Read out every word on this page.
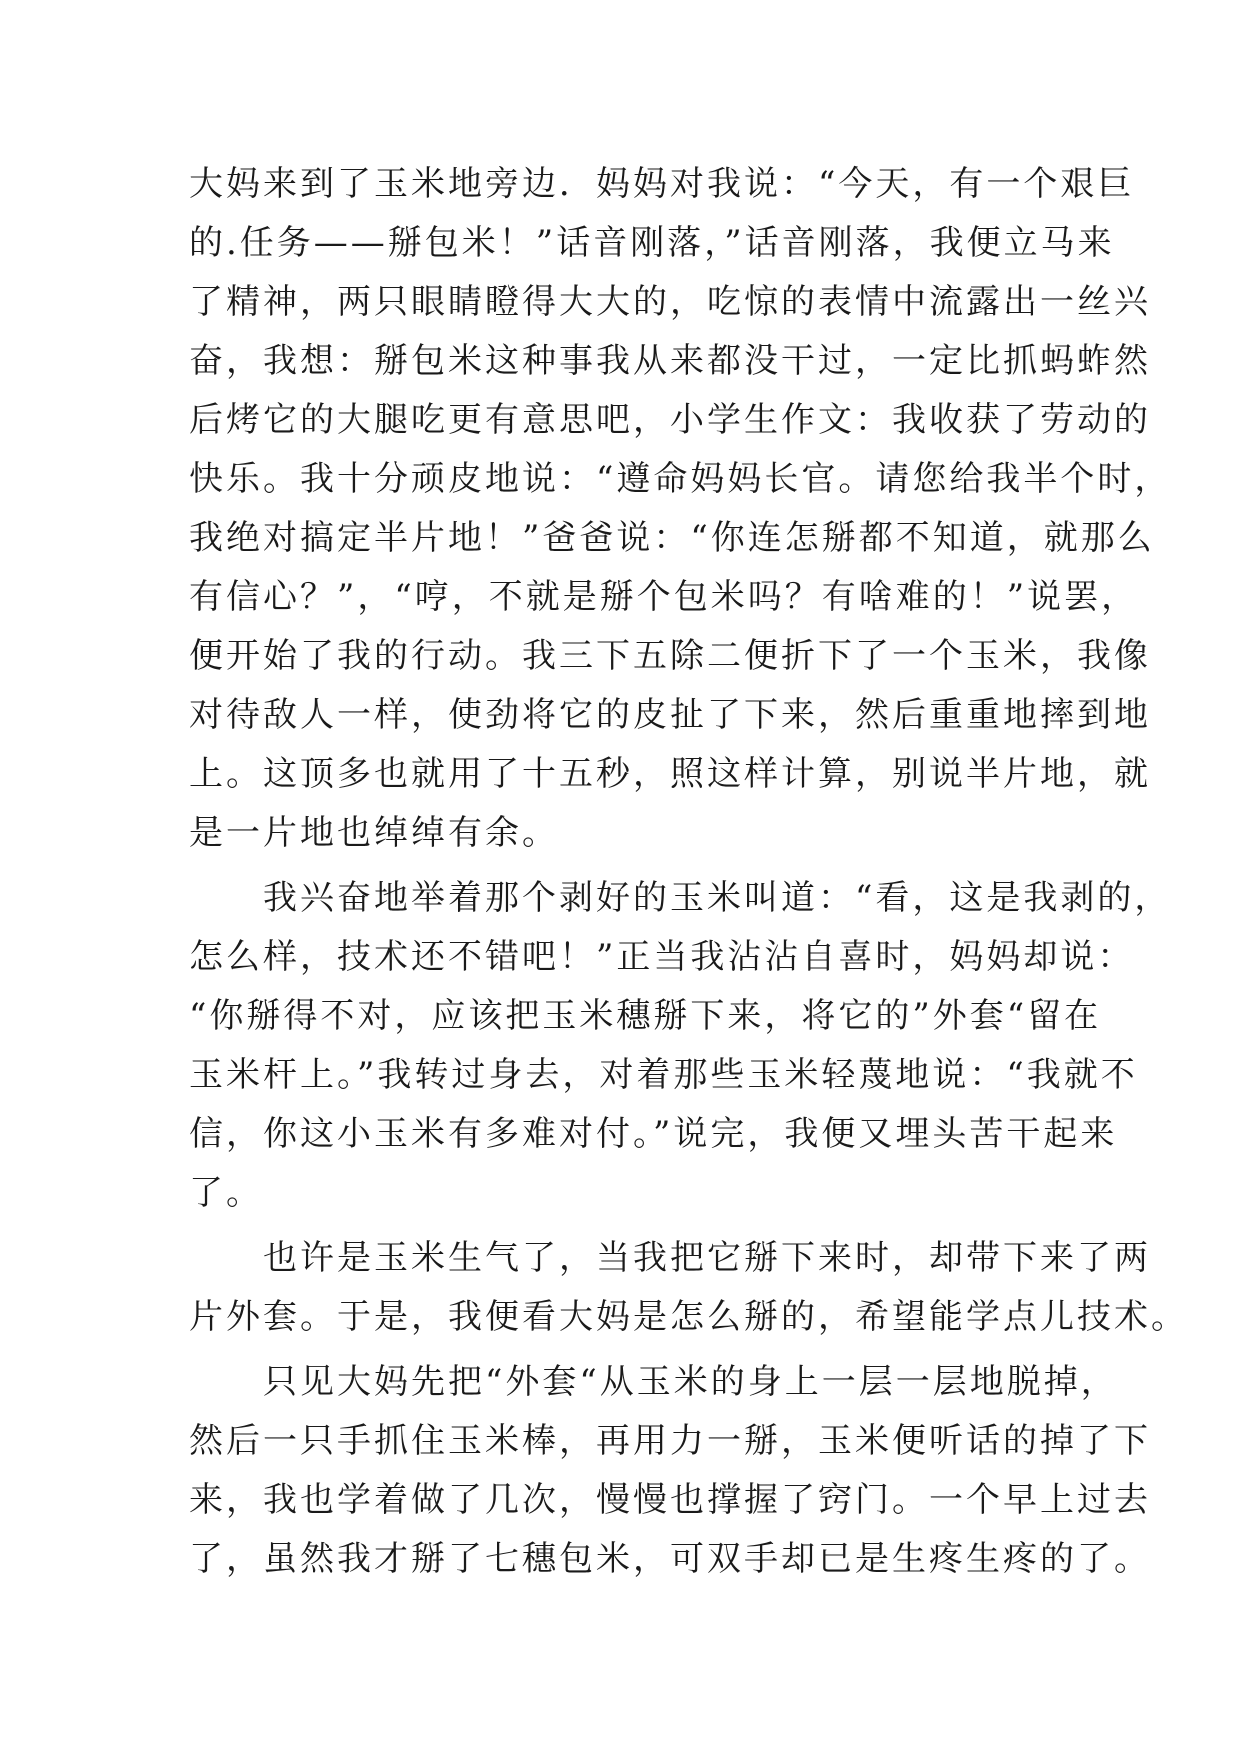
大妈来到了玉米地旁边．妈妈对我说：“今天，有一个艰巨
的.任务——掰包米！”话音刚落，”话音刚落，我便立马来
了精神，两只眼睛瞪得大大的，吃惊的表情中流露出一丝兴
奋，我想：掰包米这种事我从来都没干过，一定比抓蚂蚱然
后烤它的大腿吃更有意思吧，小学生作文：我收获了劳动的
快乐。我十分顽皮地说：“遵命妈妈长官。请您给我半个时，
我绝对搞定半片地！”爸爸说：“你连怎掰都不知道，就那么
有信心？”，“哼，不就是掰个包米吗？有啥难的！”说罢，
便开始了我的行动。我三下五除二便折下了一个玉米，我像
对待敌人一样，使劲将它的皮扯了下来，然后重重地摔到地
上。这顶多也就用了十五秒，照这样计算，别说半片地，就
是一片地也绰绰有余。
　　我兴奋地举着那个剥好的玉米叫道：“看，这是我剥的，
怎么样，技术还不错吧！”正当我沾沾自喜时，妈妈却说：
“你掰得不对，应该把玉米穗掰下来，将它的”外套“留在
玉米杆上。”我转过身去，对着那些玉米轻蔑地说：“我就不
信，你这小玉米有多难对付。”说完，我便又埋头苦干起来
了。
　　也许是玉米生气了，当我把它掰下来时，却带下来了两
片外套。于是，我便看大妈是怎么掰的，希望能学点儿技术。
　　只见大妈先把“外套“从玉米的身上一层一层地脱掉，
然后一只手抓住玉米棒，再用力一掰，玉米便听话的掉了下
来，我也学着做了几次，慢慢也撑握了窍门。一个早上过去
了，虽然我才掰了七穗包米，可双手却已是生疼生疼的了。
